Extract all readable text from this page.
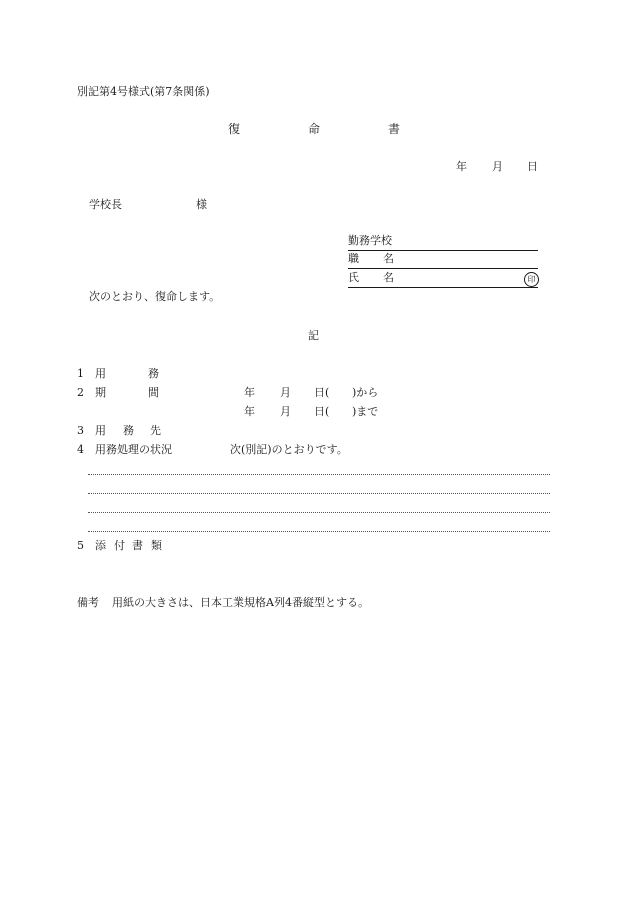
別記第4号様式(第7条関係)
復	命	書
年 月 日
学校長	様
勤務学校
職 名
氏 名	印
次のとおり、復命します。
記
1 用	務
2 期	間	年 月 日( )から
年 月 日( )まで
3 用 務 先
4 用務処理の状況	次(別記)のとおりです。
5 添 付 書 類
備考 用紙の大きさは、日本工業規格A列4番縦型とする。
